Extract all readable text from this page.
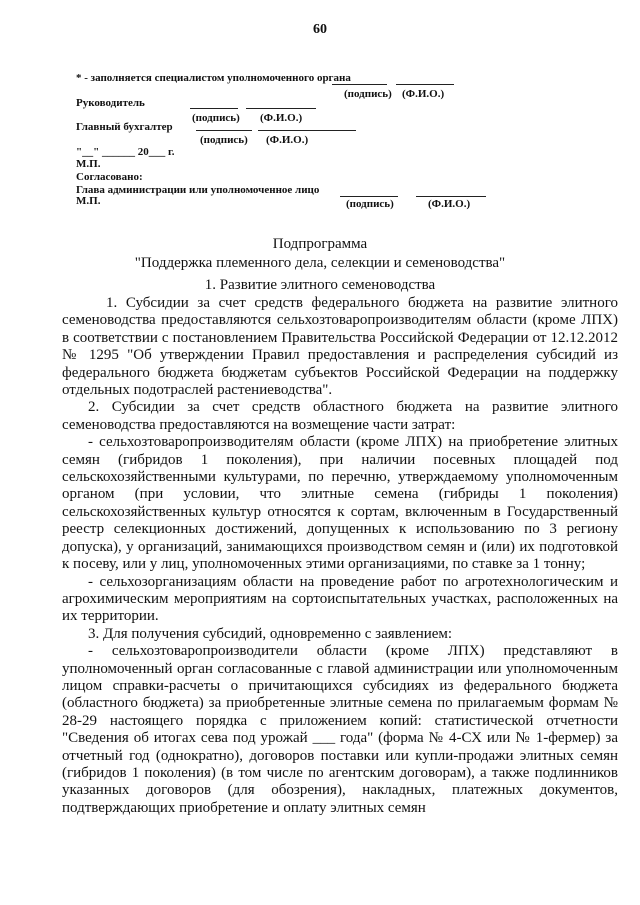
60
* - заполняется специалистом уполномоченного органа
(подпись) (Ф.И.О.)
Руководитель
(подпись) (Ф.И.О.)
Главный бухгалтер
(подпись) (Ф.И.О.)
"__" ______ 20___ г.
М.П.
Согласовано:
Глава администрации или уполномоченное лицо
М.П.	(подпись)	(Ф.И.О.)
Подпрограмма
"Поддержка племенного дела, селекции и семеноводства"
1. Развитие элитного семеноводства

1. Субсидии за счет средств федерального бюджета на развитие элитного семеноводства предоставляются сельхозтоваропроизводителям области (кроме ЛПХ) в соответствии с постановлением Правительства Российской Федерации от 12.12.2012 № 1295 "Об утверждении Правил предоставления и распределения субсидий из федерального бюджета бюджетам субъектов Российской Федерации на поддержку отдельных подотраслей растениеводства".

2. Субсидии за счет средств областного бюджета на развитие элитного семеноводства предоставляются на возмещение части затрат:

- сельхозтоваропроизводителям области (кроме ЛПХ) на приобретение элитных семян (гибридов 1 поколения), при наличии посевных площадей под сельскохозяйственными культурами, по перечню, утверждаемому уполномоченным органом (при условии, что элитные семена (гибриды 1 поколения) сельскохозяйственных культур относятся к сортам, включенным в Государственный реестр селекционных достижений, допущенных к использованию по 3 региону допуска), у организаций, занимающихся производством семян и (или) их подготовкой к посеву, или у лиц, уполномоченных этими организациями, по ставке за 1 тонну;

- сельхозорганизациям области на проведение работ по агротехнологическим и агрохимическим мероприятиям на сортоиспытательных участках, расположенных на их территории.

3. Для получения субсидий, одновременно с заявлением:

- сельхозтоваропроизводители области (кроме ЛПХ) представляют в уполномоченный орган согласованные с главой администрации или уполномоченным лицом справки-расчеты о причитающихся субсидиях из федерального бюджета (областного бюджета) за приобретенные элитные семена по прилагаемым формам № 28-29 настоящего порядка с приложением копий: статистической отчетности "Сведения об итогах сева под урожай ___ года" (форма № 4-СХ или № 1-фермер) за отчетный год (однократно), договоров поставки или купли-продажи элитных семян (гибридов 1 поколения) (в том числе по агентским договорам), а также подлинников указанных договоров (для обозрения), накладных, платежных документов, подтверждающих приобретение и оплату элитных семян
